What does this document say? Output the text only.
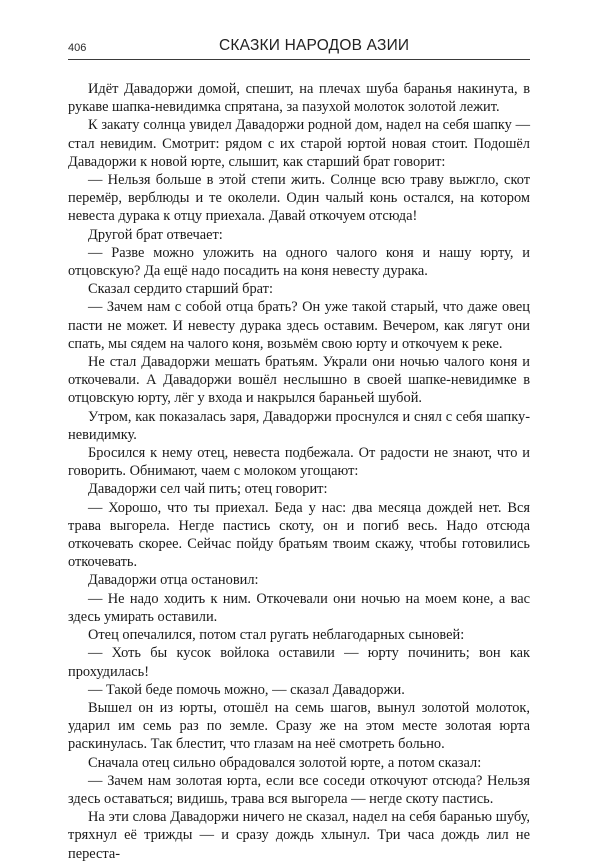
406	СКАЗКИ НАРОДОВ АЗИИ

Идёт Давадоржи домой, спешит, на плечах шуба баранья накинута, в рукаве шапка-невидимка спрятана, за пазухой молоток золотой лежит.

К закату солнца увидел Давадоржи родной дом, надел на себя шапку — стал невидим. Смотрит: рядом с их старой юртой новая стоит. Подошёл Давадоржи к новой юрте, слышит, как старший брат говорит:

— Нельзя больше в этой степи жить. Солнце всю траву выжгло, скот перемёр, верблюды и те околели. Один чалый конь остался, на котором невеста дурака к отцу приехала. Давай откочуем отсюда!

Другой брат отвечает:

— Разве можно уложить на одного чалого коня и нашу юрту, и отцовскую? Да ещё надо посадить на коня невесту дурака.

Сказал сердито старший брат:

— Зачем нам с собой отца брать? Он уже такой старый, что даже овец пасти не может. И невесту дурака здесь оставим. Вечером, как лягут они спать, мы сядем на чалого коня, возьмём свою юрту и откочуем к реке.

Не стал Давадоржи мешать братьям. Украли они ночью чалого коня и откочевали. А Давадоржи вошёл неслышно в своей шапке-невидимке в отцовскую юрту, лёг у входа и накрылся бараньей шубой.

Утром, как показалась заря, Давадоржи проснулся и снял с себя шапку-невидимку.

Бросился к нему отец, невеста подбежала. От радости не знают, что и говорить. Обнимают, чаем с молоком угощают:

Давадоржи сел чай пить; отец говорит:

— Хорошо, что ты приехал. Беда у нас: два месяца дождей нет. Вся трава выгорела. Негде пастись скоту, он и погиб весь. Надо отсюда откочевать скорее. Сейчас пойду братьям твоим скажу, чтобы готовились откочевать.

Давадоржи отца остановил:

— Не надо ходить к ним. Откочевали они ночью на моем коне, а вас здесь умирать оставили.

Отец опечалился, потом стал ругать неблагодарных сыновей:

— Хоть бы кусок войлока оставили — юрту починить; вон как прохудилась!

— Такой беде помочь можно, — сказал Давадоржи.

Вышел он из юрты, отошёл на семь шагов, вынул золотой молоток, ударил им семь раз по земле. Сразу же на этом месте золотая юрта раскинулась. Так блестит, что глазам на неё смотреть больно.

Сначала отец сильно обрадовался золотой юрте, а потом сказал:

— Зачем нам золотая юрта, если все соседи откочуют отсюда? Нельзя здесь оставаться; видишь, трава вся выгорела — негде скоту пастись.

На эти слова Давадоржи ничего не сказал, надел на себя баранью шубу, тряхнул её трижды — и сразу дождь хлынул. Три часа дождь лил не переста-
